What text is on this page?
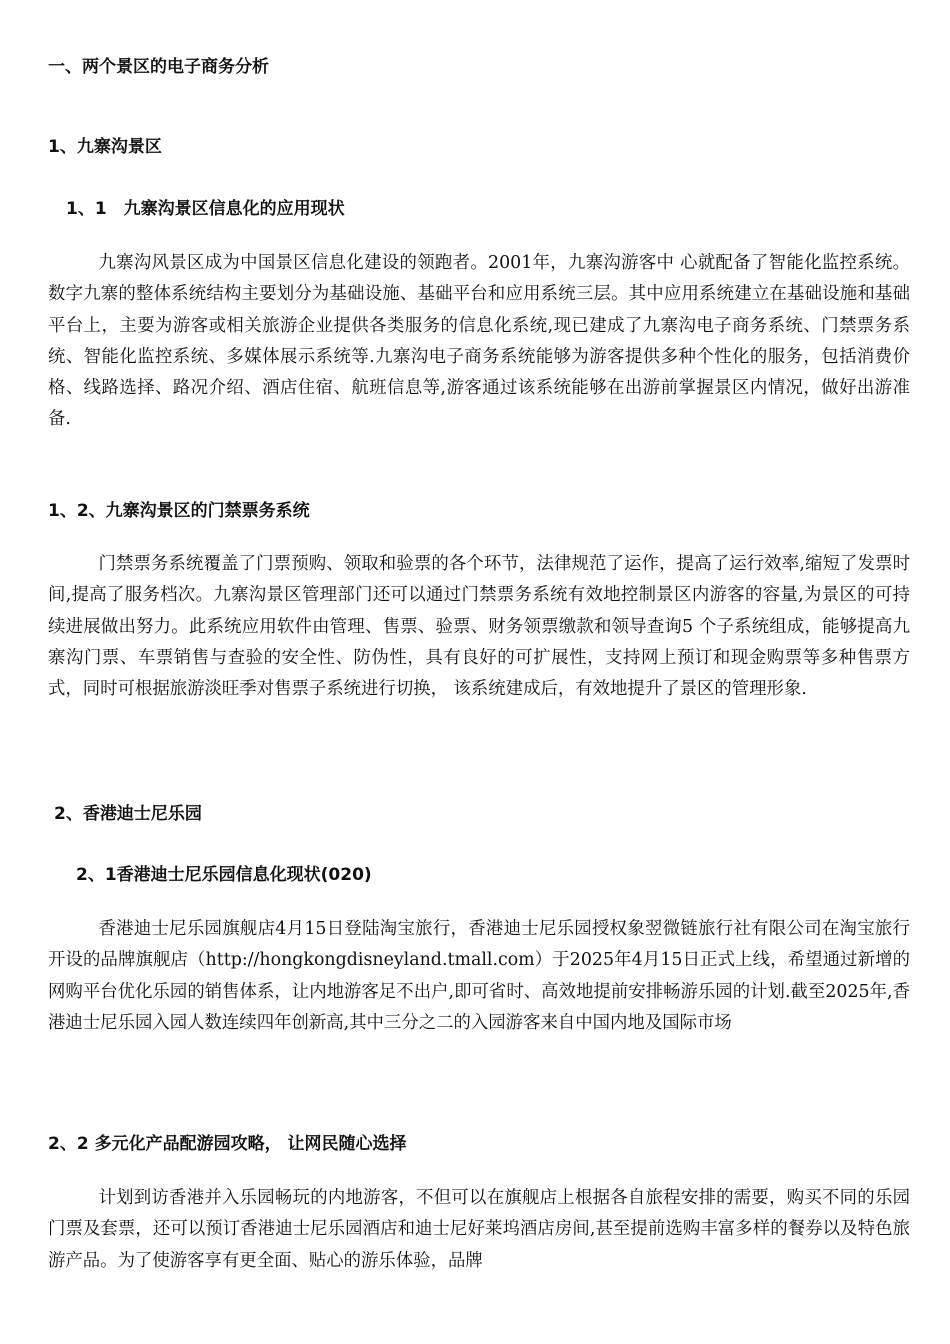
一、两个景区的电子商务分析
1、九寨沟景区
1、1　九寨沟景区信息化的应用现状

九寨沟风景区成为中国景区信息化建设的领跑者。2001年，九寨沟游客中 心就配备了智能化监控系统。数字九寨的整体系统结构主要划分为基础设施、基础平台和应用系统三层。其中应用系统建立在基础设施和基础平台上，主要为游客或相关旅游企业提供各类服务的信息化系统,现已建成了九寨沟电子商务系统、门禁票务系统、智能化监控系统、多媒体展示系统等.九寨沟电子商务系统能够为游客提供多种个性化的服务，包括消费价格、线路选择、路况介绍、酒店住宿、航班信息等,游客通过该系统能够在出游前掌握景区内情况，做好出游准备.

1、2、九寨沟景区的门禁票务系统

门禁票务系统覆盖了门票预购、领取和验票的各个环节，法律规范了运作，提高了运行效率,缩短了发票时间,提高了服务档次。九寨沟景区管理部门还可以通过门禁票务系统有效地控制景区内游客的容量,为景区的可持续进展做出努力。此系统应用软件由管理、售票、验票、财务领票缴款和领导查询5 个子系统组成，能够提高九寨沟门票、车票销售与查验的安全性、防伪性，具有良好的可扩展性，支持网上预订和现金购票等多种售票方式，同时可根据旅游淡旺季对售票子系统进行切换， 该系统建成后，有效地提升了景区的管理形象.

2、香港迪士尼乐园
2、1香港迪士尼乐园信息化现状(020)

香港迪士尼乐园旗舰店4月15日登陆淘宝旅行，香港迪士尼乐园授权象翌微链旅行社有限公司在淘宝旅行开设的品牌旗舰店（http://hongkongdisneyland.tmall.com）于2025年4月15日正式上线，希望通过新增的网购平台优化乐园的销售体系，让内地游客足不出户,即可省时、高效地提前安排畅游乐园的计划.截至2025年,香港迪士尼乐园入园人数连续四年创新高,其中三分之二的入园游客来自中国内地及国际市场

2、2 多元化产品配游园攻略， 让网民随心选择

计划到访香港并入乐园畅玩的内地游客，不但可以在旗舰店上根据各自旅程安排的需要，购买不同的乐园门票及套票，还可以预订香港迪士尼乐园酒店和迪士尼好莱坞酒店房间,甚至提前选购丰富多样的餐券以及特色旅游产品。为了使游客享有更全面、贴心的游乐体验，品牌
